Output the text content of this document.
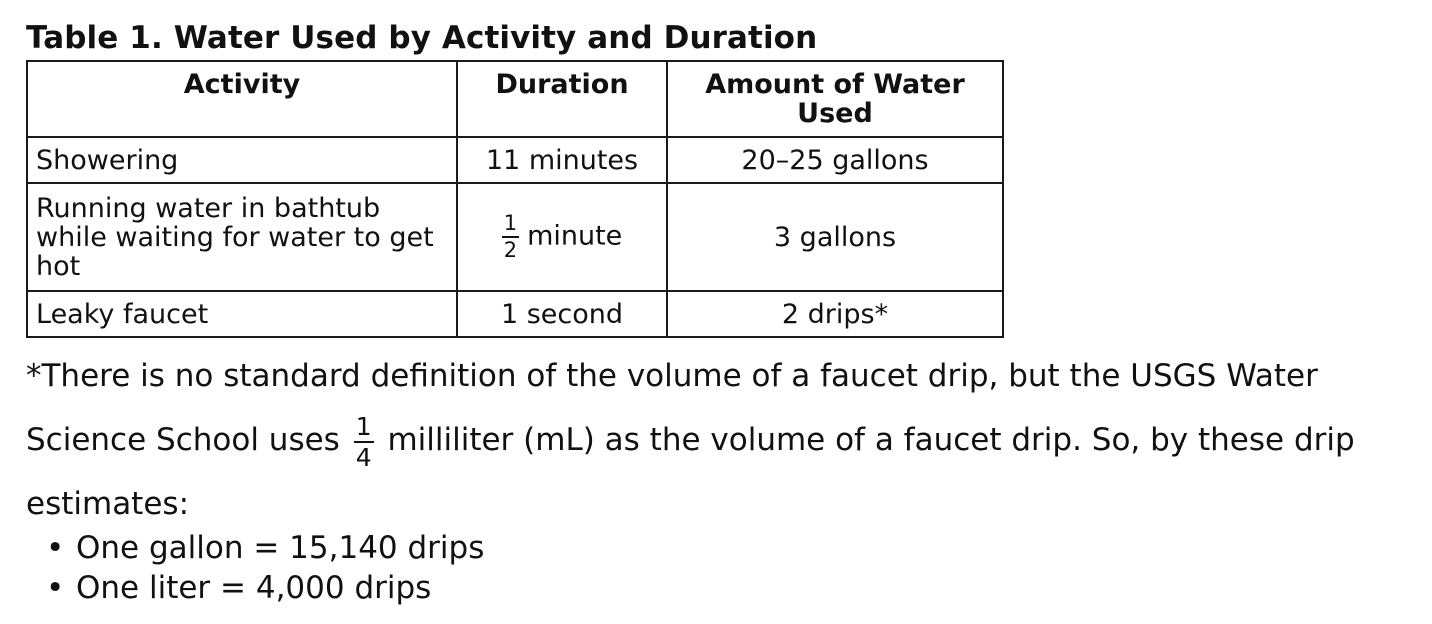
Table 1. Water Used by Activity and Duration

Activity	Duration	Amount of Water Used
Showering	11 minutes	20–25 gallons
Running water in bathtub while waiting for water to get hot	$\frac{1}{2}$ minute	3 gallons
Leaky faucet	1 second	2 drips*

*There is no standard definition of the volume of a faucet drip, but the USGS Water Science School uses $\frac{1}{4}$ milliliter (mL) as the volume of a faucet drip. So, by these drip estimates:

• One gallon = 15,140 drips
• One liter = 4,000 drips
